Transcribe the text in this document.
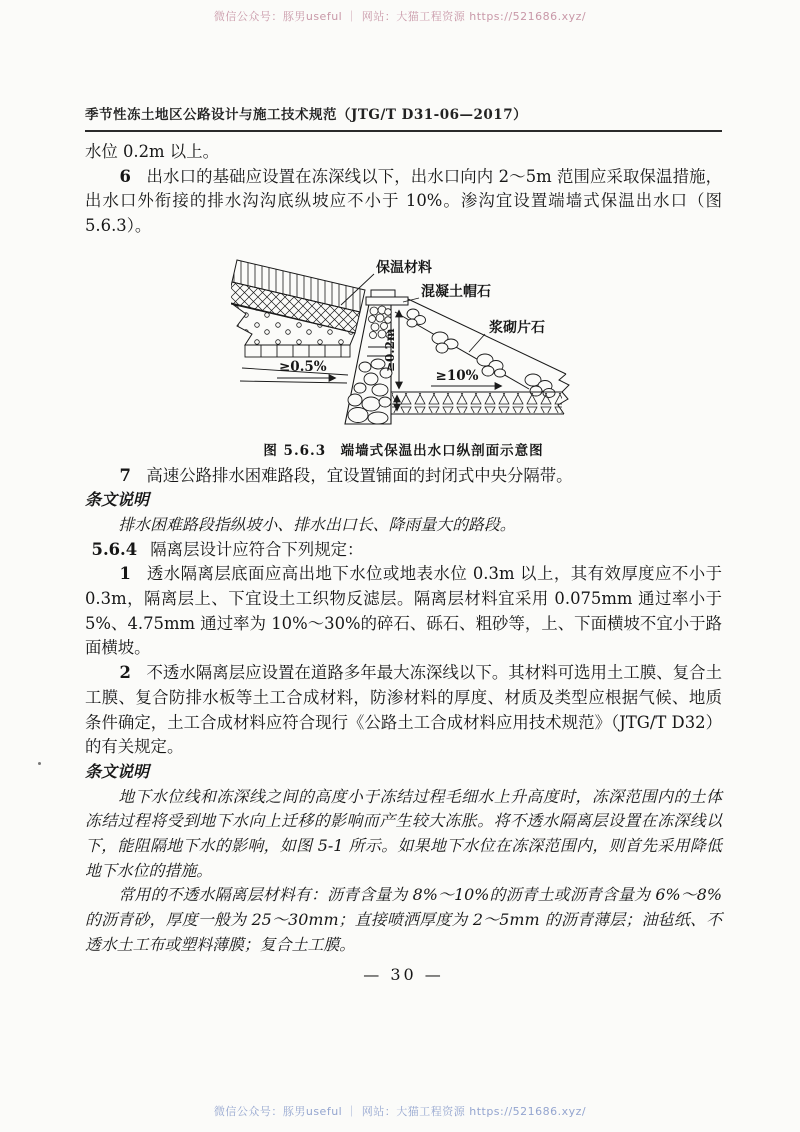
微信公众号：豚男useful ｜ 网站：大猫工程资源 https://521686.xyz/
季节性冻土地区公路设计与施工技术规范（JTG/T D31-06—2017）

水位 0.2m 以上。

6 出水口的基础应设置在冻深线以下，出水口向内 2～5m 范围应采取保温措施，出水口外衔接的排水沟沟底纵坡应不小于 10%。渗沟宜设置端墙式保温出水口（图 5.6.3）。

≥0.5%
≥10%
≥0.2m
保温材料
混凝土帽石
浆砌片石
图 5.6.3　端墙式保温出水口纵剖面示意图

7 高速公路排水困难路段，宜设置铺面的封闭式中央分隔带。

条文说明

排水困难路段指纵坡小、排水出口长、降雨量大的路段。

5.6.4 隔离层设计应符合下列规定：

1 透水隔离层底面应高出地下水位或地表水位 0.3m 以上，其有效厚度应不小于 0.3m，隔离层上、下宜设土工织物反滤层。隔离层材料宜采用 0.075mm 通过率小于 5%、4.75mm 通过率为 10%～30%的碎石、砾石、粗砂等，上、下面横坡不宜小于路面横坡。

2 不透水隔离层应设置在道路多年最大冻深线以下。其材料可选用土工膜、复合土工膜、复合防排水板等土工合成材料，防渗材料的厚度、材质及类型应根据气候、地质条件确定，土工合成材料应符合现行《公路土工合成材料应用技术规范》（JTG/T D32）的有关规定。

条文说明

地下水位线和冻深线之间的高度小于冻结过程毛细水上升高度时，冻深范围内的土体冻结过程将受到地下水向上迁移的影响而产生较大冻胀。将不透水隔离层设置在冻深线以下，能阻隔地下水的影响，如图 5-1 所示。如果地下水位在冻深范围内，则首先采用降低地下水位的措施。

常用的不透水隔离层材料有：沥青含量为 8%～10%的沥青土或沥青含量为 6%～8%的沥青砂，厚度一般为 25～30mm；直接喷洒厚度为 2～5mm 的沥青薄层；油毡纸、不透水土工布或塑料薄膜；复合土工膜。

— 30 —
微信公众号：豚男useful ｜ 网站：大猫工程资源 https://521686.xyz/
